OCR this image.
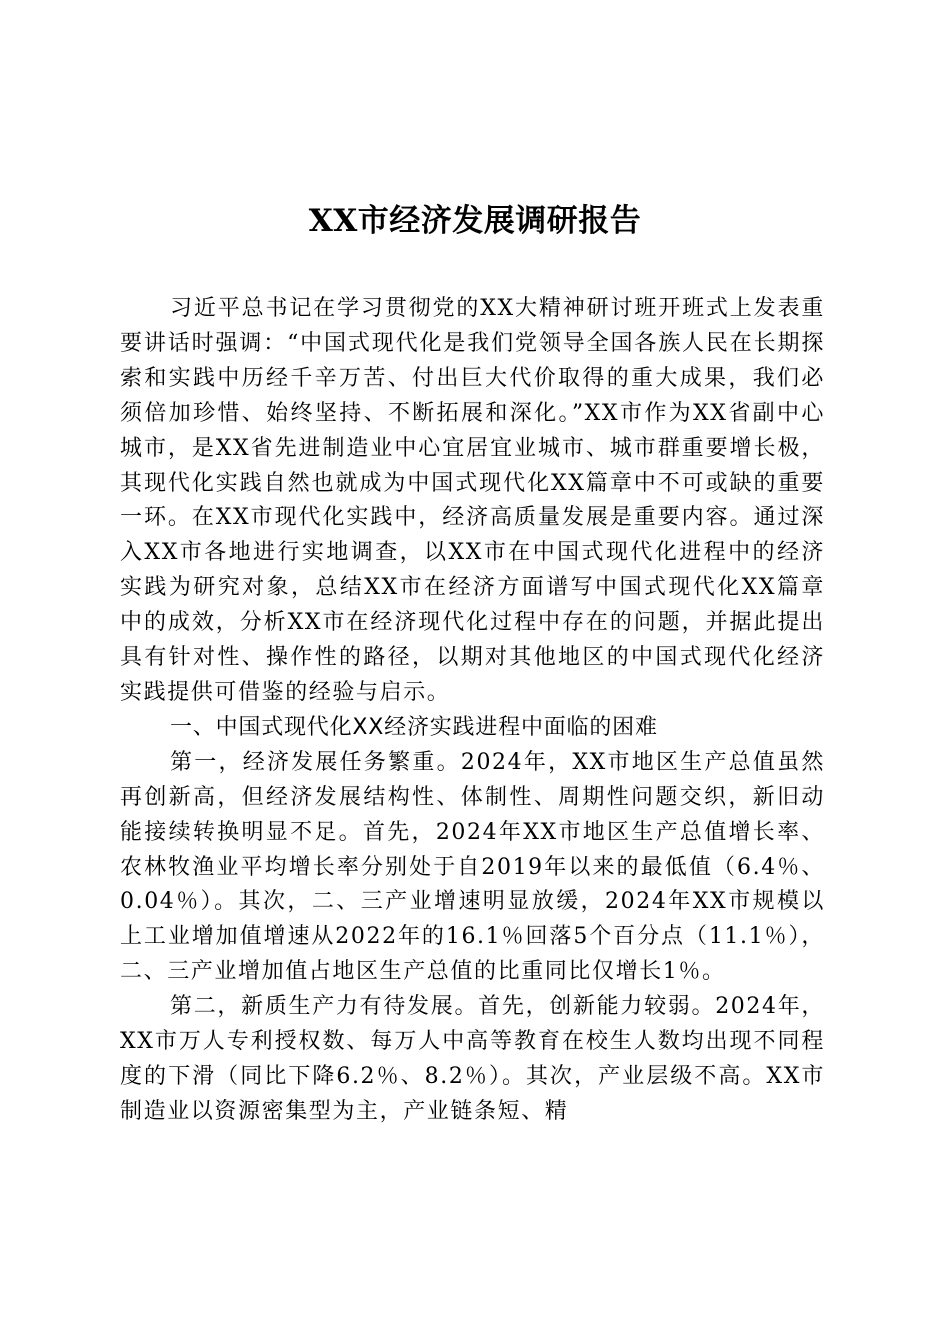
XX市经济发展调研报告

习近平总书记在学习贯彻党的XX大精神研讨班开班式上发表重要讲话时强调：“中国式现代化是我们党领导全国各族人民在长期探索和实践中历经千辛万苦、付出巨大代价取得的重大成果，我们必须倍加珍惜、始终坚持、不断拓展和深化。”XX市作为XX省副中心城市，是XX省先进制造业中心宜居宜业城市、城市群重要增长极，其现代化实践自然也就成为中国式现代化XX篇章中不可或缺的重要一环。在XX市现代化实践中，经济高质量发展是重要内容。通过深入XX市各地进行实地调查，以XX市在中国式现代化进程中的经济实践为研究对象，总结XX市在经济方面谱写中国式现代化XX篇章中的成效，分析XX市在经济现代化过程中存在的问题，并据此提出具有针对性、操作性的路径，以期对其他地区的中国式现代化经济实践提供可借鉴的经验与启示。

一、中国式现代化XX经济实践进程中面临的困难

第一，经济发展任务繁重。2024年，XX市地区生产总值虽然再创新高，但经济发展结构性、体制性、周期性问题交织，新旧动能接续转换明显不足。首先，2024年XX市地区生产总值增长率、农林牧渔业平均增长率分别处于自2019年以来的最低值（6.4％、0.04％）。其次，二、三产业增速明显放缓，2024年XX市规模以上工业增加值增速从2022年的16.1％回落5个百分点（11.1％），二、三产业增加值占地区生产总值的比重同比仅增长1％。

第二，新质生产力有待发展。首先，创新能力较弱。2024年，XX市万人专利授权数、每万人中高等教育在校生人数均出现不同程度的下滑（同比下降6.2％、8.2％）。其次，产业层级不高。XX市制造业以资源密集型为主，产业链条短、精
